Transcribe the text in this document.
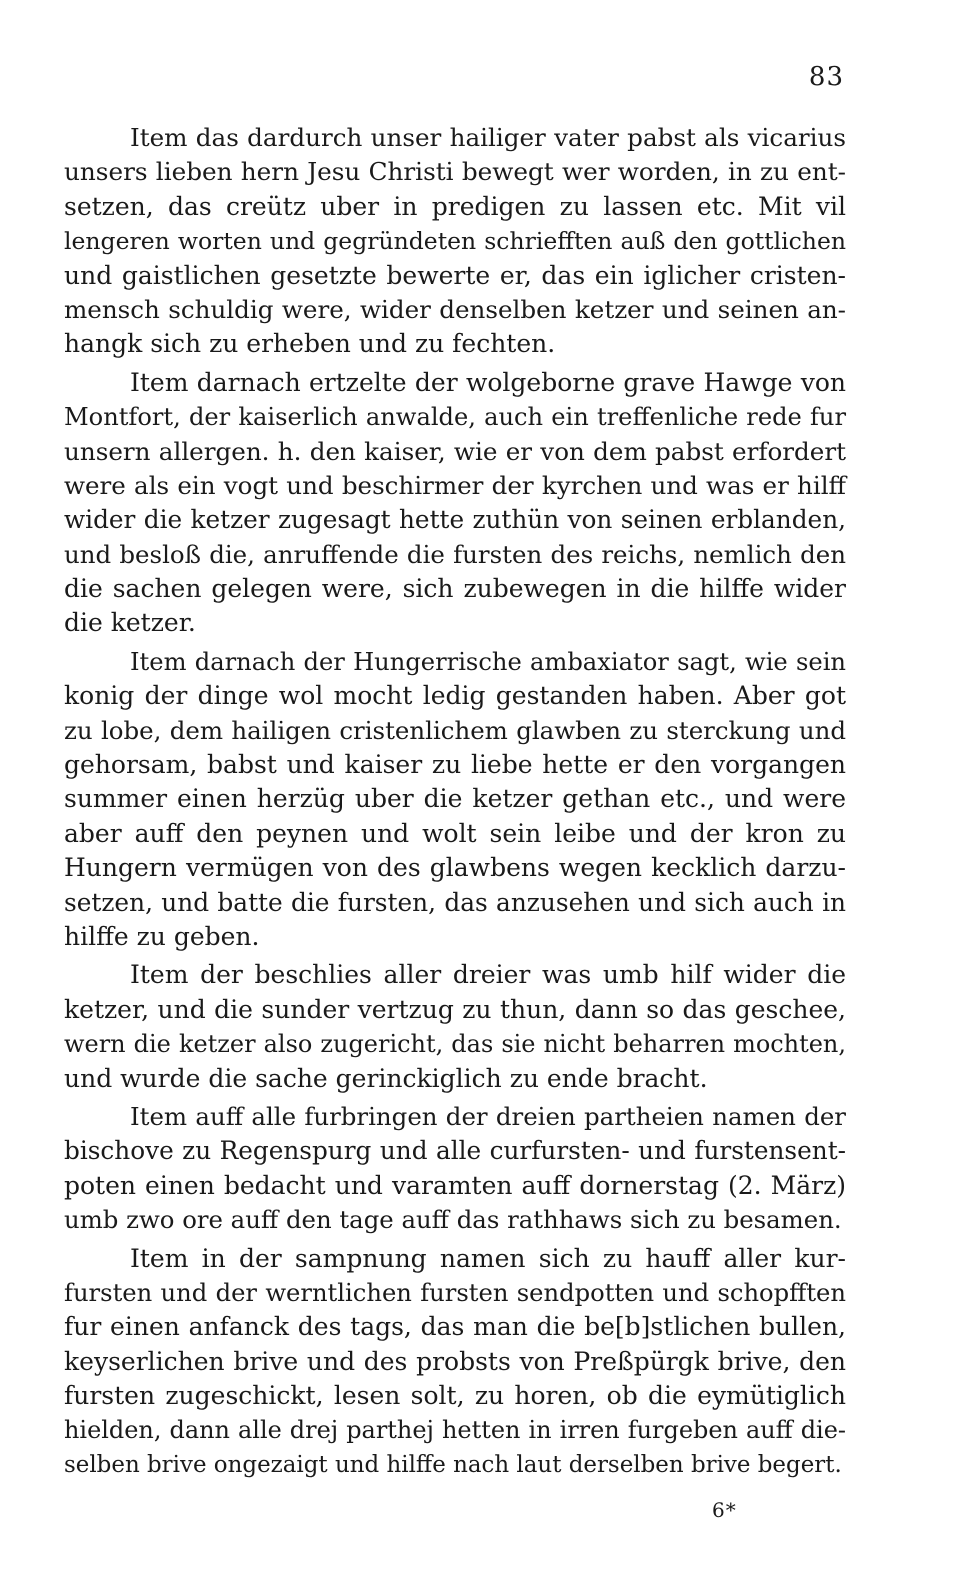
83
Item das dardurch unser hailiger vater pabst als vicarius
unsers lieben hern Jesu Christi bewegt wer worden, in zu ent-
setzen, das creütz uber in predigen zu lassen etc. Mit vil
lengeren worten und gegründeten schriefften auß den gottlichen
und gaistlichen gesetzte bewerte er, das ein iglicher cristen-
mensch schuldig were, wider denselben ketzer und seinen an-
hangk sich zu erheben und zu fechten.
Item darnach ertzelte der wolgeborne grave Hawge von
Montfort, der kaiserlich anwalde, auch ein treffenliche rede fur
unsern allergen. h. den kaiser, wie er von dem pabst erfordert
were als ein vogt und beschirmer der kyrchen und was er hilff
wider die ketzer zugesagt hette zuthün von seinen erblanden,
und besloß die, anruffende die fursten des reichs, nemlich den
die sachen gelegen were, sich zubewegen in die hilffe wider
die ketzer.
Item darnach der Hungerrische ambaxiator sagt, wie sein
konig der dinge wol mocht ledig gestanden haben. Aber got
zu lobe, dem hailigen cristenlichem glawben zu sterckung und
gehorsam, babst und kaiser zu liebe hette er den vorgangen
summer einen herzüg uber die ketzer gethan etc., und were
aber auff den peynen und wolt sein leibe und der kron zu
Hungern vermügen von des glawbens wegen kecklich darzu-
setzen, und batte die fursten, das anzusehen und sich auch in
hilffe zu geben.
Item der beschlies aller dreier was umb hilf wider die
ketzer, und die sunder vertzug zu thun, dann so das geschee,
wern die ketzer also zugericht, das sie nicht beharren mochten,
und wurde die sache gerinckiglich zu ende bracht.
Item auff alle furbringen der dreien partheien namen der
bischove zu Regenspurg und alle curfursten- und furstensent-
poten einen bedacht und varamten auff dornerstag (2. März)
umb zwo ore auff den tage auff das rathhaws sich zu besamen.
Item in der sampnung namen sich zu hauff aller kur-
fursten und der werntlichen fursten sendpotten und schopfften
fur einen anfanck des tags, das man die be[b]stlichen bullen,
keyserlichen brive und des probsts von Preßpürgk brive, den
fursten zugeschickt, lesen solt, zu horen, ob die eymütiglich
hielden, dann alle drej parthej hetten in irren furgeben auff die-
selben brive ongezaigt und hilffe nach laut derselben brive begert.
6*
